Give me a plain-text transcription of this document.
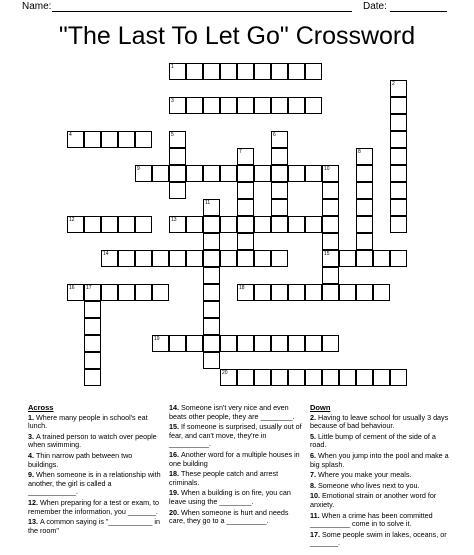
Name:	Date:
"The Last To Let Go" Crossword
1
2
3
4	5	6
7	8
9	10
15
11
12	13
14
16 17	18
19
20
Across
1. Where many people in school's eat lunch.
3. A trained person to watch over people when swimming.
4. Thin narrow path between two buildings.
9. When someone is in a relationship with another, the girl is called a ____________.
12. When preparing for a test or exam, to remember the information, you _______.
13. A common saying is "___________ in the room"
14. Someone isn't very nice and even beats other people, they are ________.
15. If someone is surprised, usually out of fear, and can't move, they're in __________.
16. Another word for a multiple houses in one building
18. These people catch and arrest criminals.
19. When a building is on fire, you can leave using the ________.
20. When someone is hurt and needs care, they go to a __________.
Down
2. Having to leave school for usually 3 days because of bad behaviour.
5. Little bump of cement of the side of a road.
6. When you jump into the pool and make a big splash.
7. Where you make your meals.
8. Someone who lives next to you.
10. Emotional strain or another word for anxiety.
11. When a crime has been committed __________ come in to solve it.
17. Some people swim in lakes, oceans, or _______.
